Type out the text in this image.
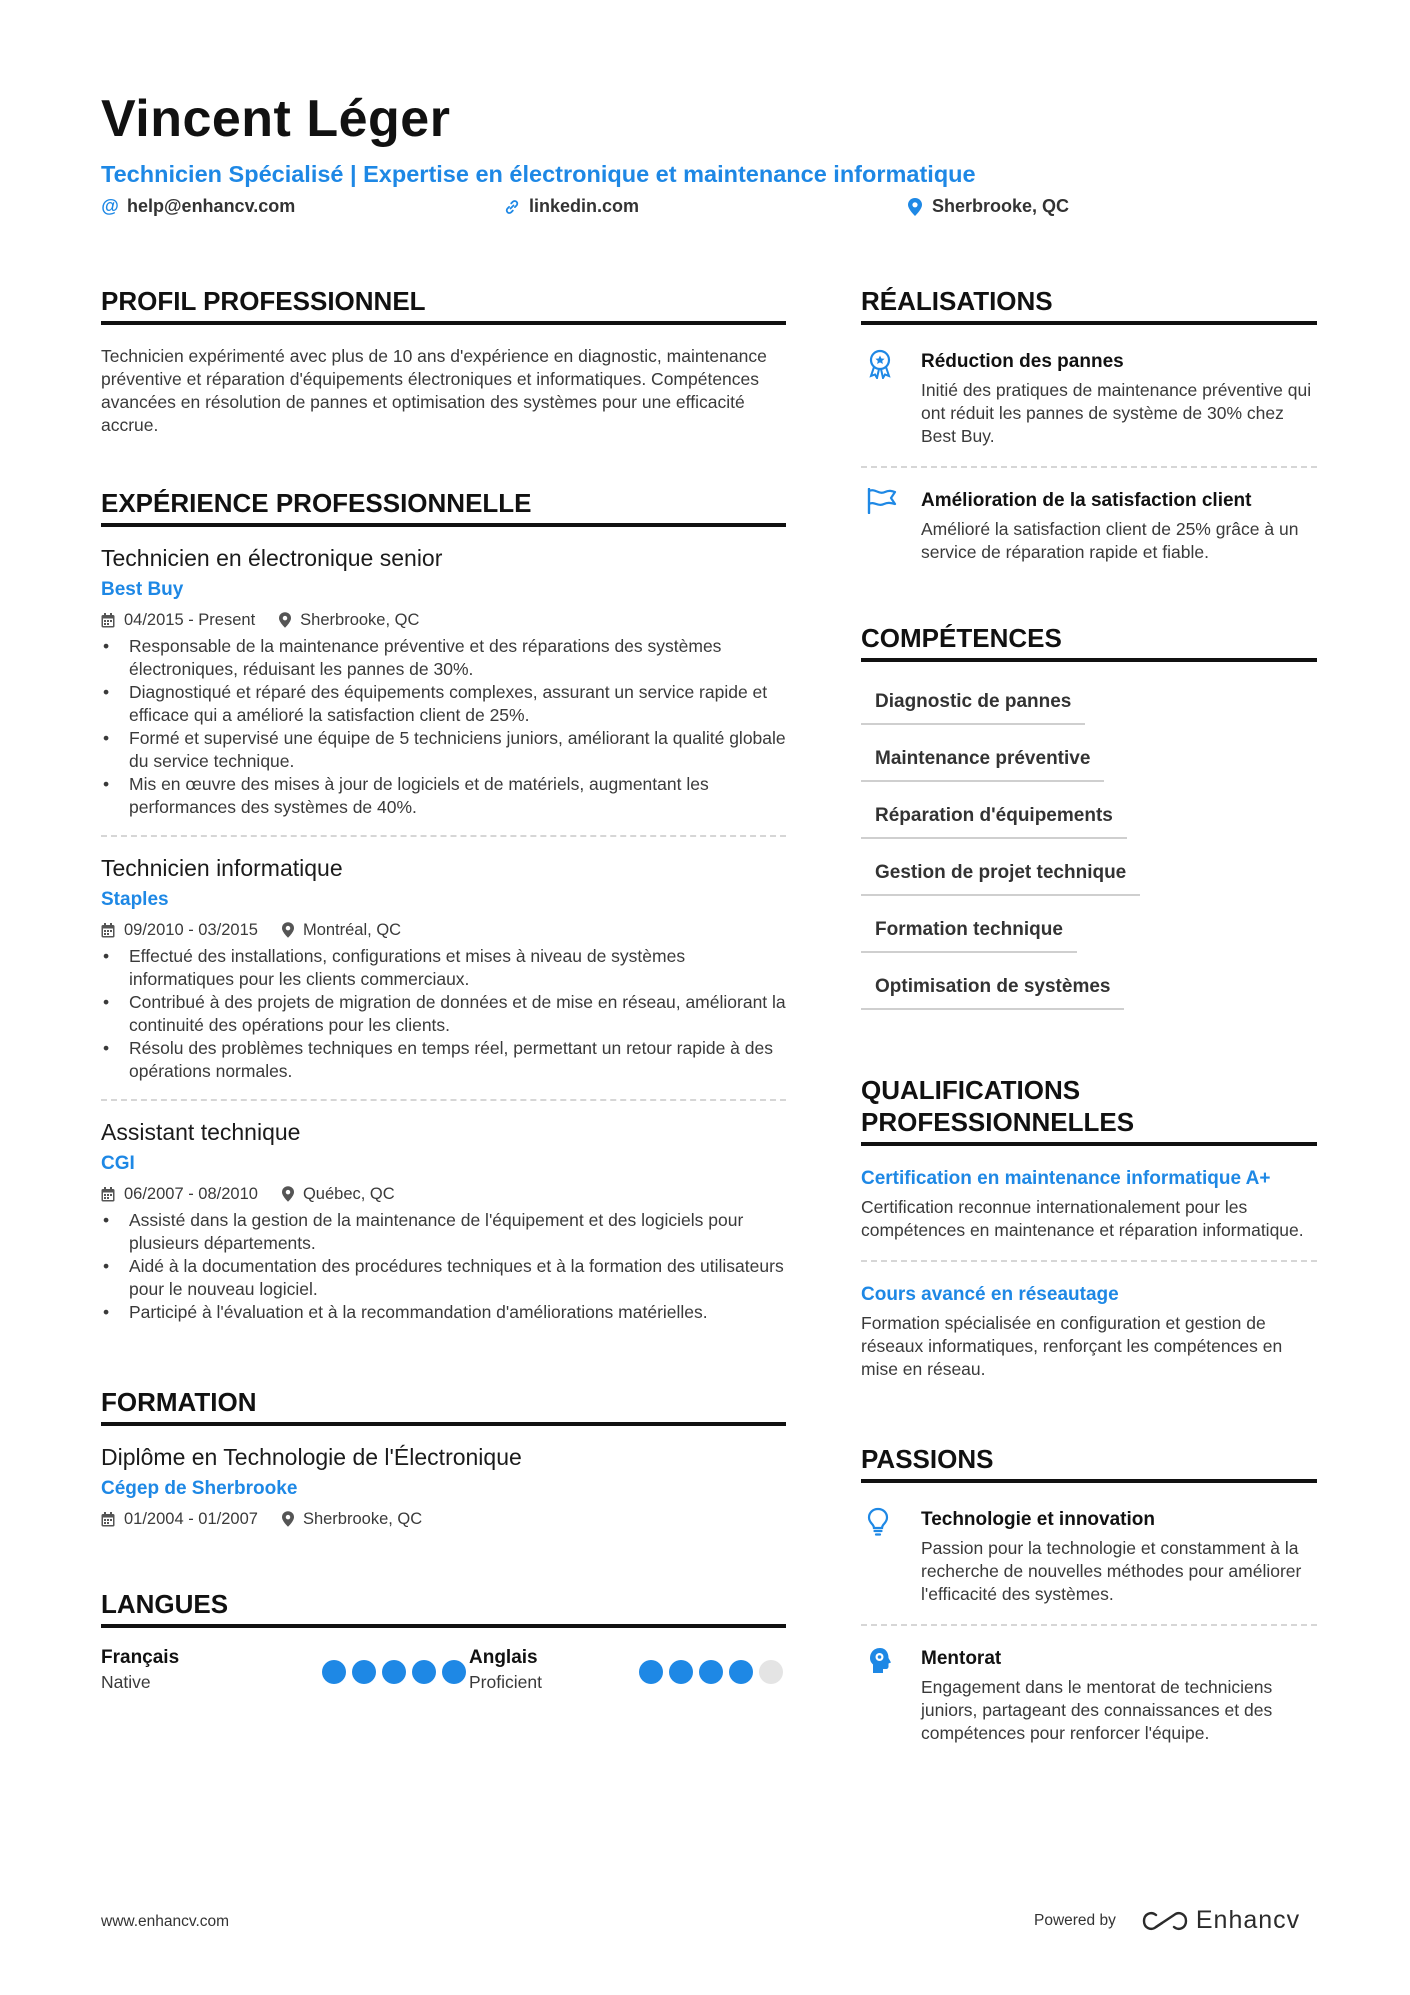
Vincent Léger
Technicien Spécialisé | Expertise en électronique et maintenance informatique
@ help@enhancv.com	linkedin.com	Sherbrooke, QC
PROFIL PROFESSIONNEL
Technicien expérimenté avec plus de 10 ans d'expérience en diagnostic, maintenance préventive et réparation d'équipements électroniques et informatiques. Compétences avancées en résolution de pannes et optimisation des systèmes pour une efficacité accrue.
EXPÉRIENCE PROFESSIONNELLE
Technicien en électronique senior
Best Buy
04/2015 - Present	Sherbrooke, QC
• Responsable de la maintenance préventive et des réparations des systèmes électroniques, réduisant les pannes de 30%.
• Diagnostiqué et réparé des équipements complexes, assurant un service rapide et efficace qui a amélioré la satisfaction client de 25%.
• Formé et supervisé une équipe de 5 techniciens juniors, améliorant la qualité globale du service technique.
• Mis en œuvre des mises à jour de logiciels et de matériels, augmentant les performances des systèmes de 40%.
Technicien informatique
Staples
09/2010 - 03/2015	Montréal, QC
• Effectué des installations, configurations et mises à niveau de systèmes informatiques pour les clients commerciaux.
• Contribué à des projets de migration de données et de mise en réseau, améliorant la continuité des opérations pour les clients.
• Résolu des problèmes techniques en temps réel, permettant un retour rapide à des opérations normales.
Assistant technique
CGI
06/2007 - 08/2010	Québec, QC
• Assisté dans la gestion de la maintenance de l'équipement et des logiciels pour plusieurs départements.
• Aidé à la documentation des procédures techniques et à la formation des utilisateurs pour le nouveau logiciel.
• Participé à l'évaluation et à la recommandation d'améliorations matérielles.
FORMATION
Diplôme en Technologie de l'Électronique
Cégep de Sherbrooke
01/2004 - 01/2007	Sherbrooke, QC
LANGUES
Français
Native
Anglais
Proficient
RÉALISATIONS
Réduction des pannes
Initié des pratiques de maintenance préventive qui ont réduit les pannes de système de 30% chez Best Buy.
Amélioration de la satisfaction client
Amélioré la satisfaction client de 25% grâce à un service de réparation rapide et fiable.
COMPÉTENCES
Diagnostic de pannes
Maintenance préventive
Réparation d'équipements
Gestion de projet technique
Formation technique
Optimisation de systèmes
QUALIFICATIONS PROFESSIONNELLES
Certification en maintenance informatique A+
Certification reconnue internationalement pour les compétences en maintenance et réparation informatique.
Cours avancé en réseautage
Formation spécialisée en configuration et gestion de réseaux informatiques, renforçant les compétences en mise en réseau.
PASSIONS
Technologie et innovation
Passion pour la technologie et constamment à la recherche de nouvelles méthodes pour améliorer l'efficacité des systèmes.
Mentorat
Engagement dans le mentorat de techniciens juniors, partageant des connaissances et des compétences pour renforcer l'équipe.
www.enhancv.com	Powered by	Enhancv
